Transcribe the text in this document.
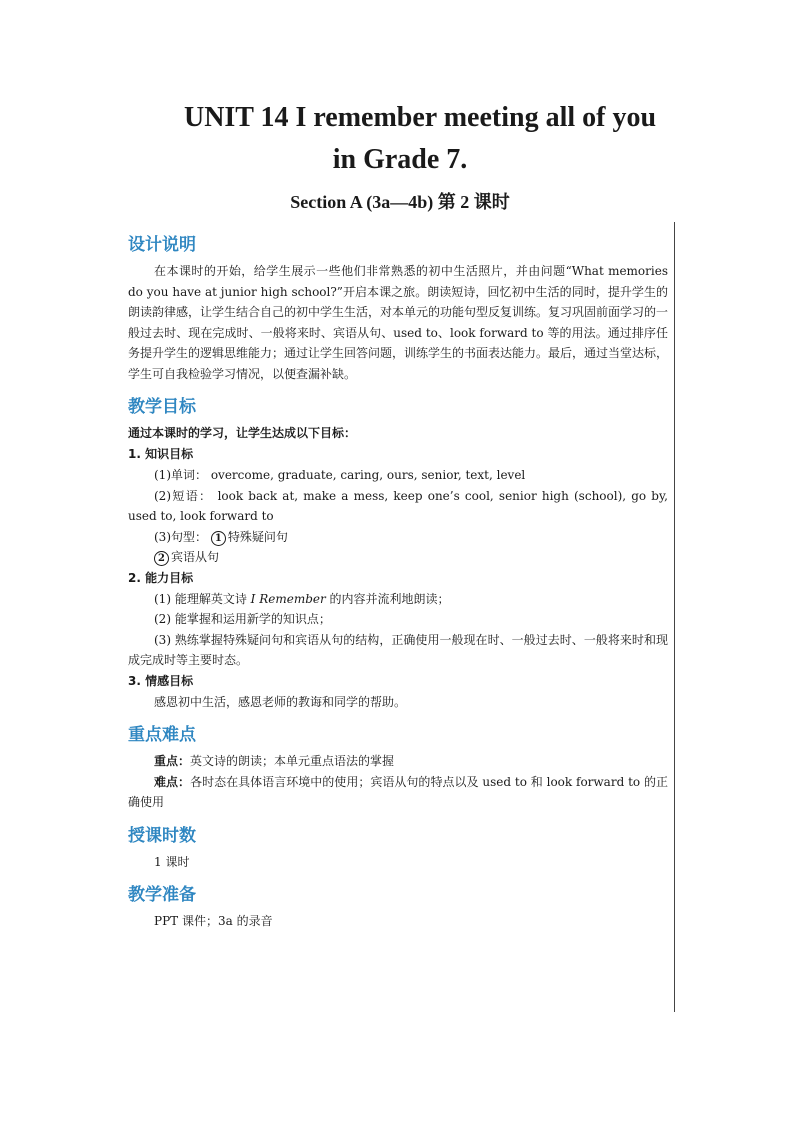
UNIT 14 I remember meeting all of you
in Grade 7.
Section A (3a—4b) 第 2 课时
设计说明

在本课时的开始，给学生展示一些他们非常熟悉的初中生活照片，并由问题“What memories do you have at junior high school?”开启本课之旅。朗读短诗，回忆初中生活的同时，提升学生的朗读韵律感，让学生结合自己的初中学生生活，对本单元的功能句型反复训练。复习巩固前面学习的一般过去时、现在完成时、一般将来时、宾语从句、used to、look forward to 等的用法。通过排序任务提升学生的逻辑思维能力；通过让学生回答问题，训练学生的书面表达能力。最后，通过当堂达标，学生可自我检验学习情况，以便查漏补缺。

教学目标

通过本课时的学习，让学生达成以下目标：

1. 知识目标

(1)单词： overcome, graduate, caring, ours, senior, text, level

(2)短语： look back at, make a mess, keep one’s cool, senior high (school), go by, used to, look forward to

(3)句型： 1 特殊疑问句

2 宾语从句

2. 能力目标

(1) 能理解英文诗 I Remember 的内容并流利地朗读；

(2) 能掌握和运用新学的知识点；

(3) 熟练掌握特殊疑问句和宾语从句的结构，正确使用一般现在时、一般过去时、一般将来时和现成完成时等主要时态。

3. 情感目标

感恩初中生活，感恩老师的教诲和同学的帮助。

重点难点

重点：英文诗的朗读；本单元重点语法的掌握

难点：各时态在具体语言环境中的使用；宾语从句的特点以及 used to 和 look forward to 的正确使用

授课时数

1 课时

教学准备

PPT 课件；3a 的录音
